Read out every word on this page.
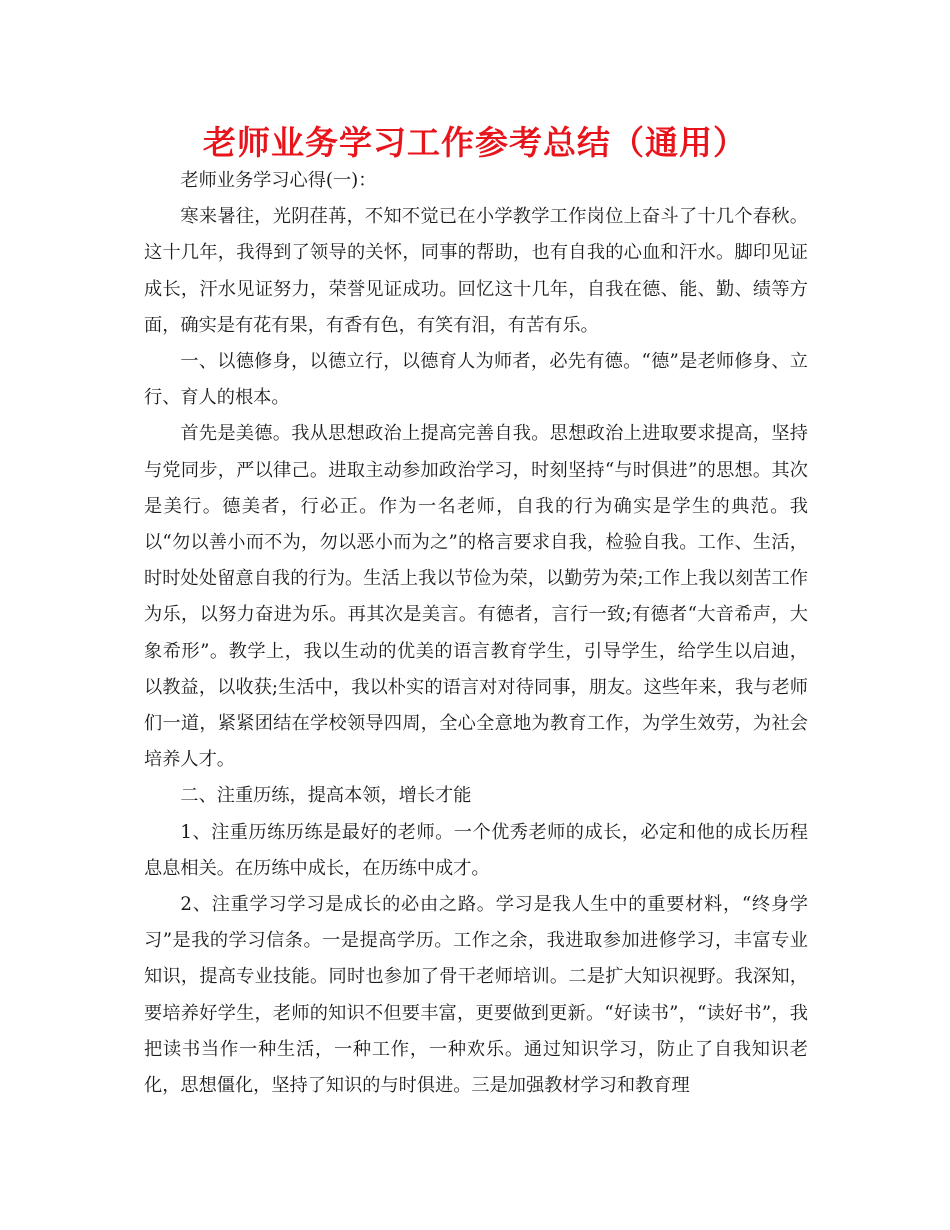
老师业务学习工作参考总结（通用）

老师业务学习心得(一)：

寒来暑往，光阴荏苒，不知不觉已在小学教学工作岗位上奋斗了十几个春秋。这十几年，我得到了领导的关怀，同事的帮助，也有自我的心血和汗水。脚印见证成长，汗水见证努力，荣誉见证成功。回忆这十几年，自我在德、能、勤、绩等方面，确实是有花有果，有香有色，有笑有泪，有苦有乐。

一、以德修身，以德立行，以德育人为师者，必先有德。“德”是老师修身、立行、育人的根本。

首先是美德。我从思想政治上提高完善自我。思想政治上进取要求提高，坚持与党同步，严以律己。进取主动参加政治学习，时刻坚持“与时俱进”的思想。其次是美行。德美者，行必正。作为一名老师，自我的行为确实是学生的典范。我以“勿以善小而不为，勿以恶小而为之”的格言要求自我，检验自我。工作、生活，时时处处留意自我的行为。生活上我以节俭为荣，以勤劳为荣;工作上我以刻苦工作为乐，以努力奋进为乐。再其次是美言。有德者，言行一致;有德者“大音希声，大象希形”。教学上，我以生动的优美的语言教育学生，引导学生，给学生以启迪，以教益，以收获;生活中，我以朴实的语言对对待同事，朋友。这些年来，我与老师们一道，紧紧团结在学校领导四周，全心全意地为教育工作，为学生效劳，为社会培养人才。

二、注重历练，提高本领，增长才能

1、注重历练历练是最好的老师。一个优秀老师的成长，必定和他的成长历程息息相关。在历练中成长，在历练中成才。

2、注重学习学习是成长的必由之路。学习是我人生中的重要材料，“终身学习”是我的学习信条。一是提高学历。工作之余，我进取参加进修学习，丰富专业知识，提高专业技能。同时也参加了骨干老师培训。二是扩大知识视野。我深知，要培养好学生，老师的知识不但要丰富，更要做到更新。“好读书”，“读好书”，我把读书当作一种生活，一种工作，一种欢乐。通过知识学习，防止了自我知识老化，思想僵化，坚持了知识的与时俱进。三是加强教材学习和教育理
